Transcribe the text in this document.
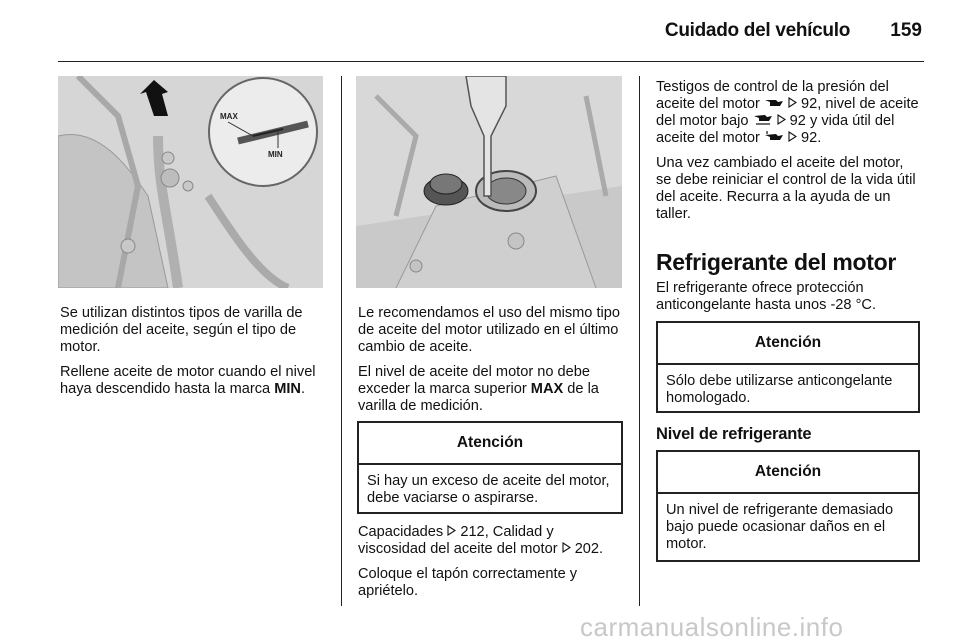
Cuidado del vehículo	159
MAX
MIN

Se utilizan distintos tipos de varilla de medición del aceite, según el tipo de motor.

Rellene aceite de motor cuando el nivel haya descendido hasta la marca MIN.

Le recomendamos el uso del mismo tipo de aceite del motor utilizado en el último cambio de aceite.

El nivel de aceite del motor no debe exceder la marca superior MAX de la varilla de medición.

Atención
Si hay un exceso de aceite del motor, debe vaciarse o aspirarse.

Capacidades 212, Calidad y viscosidad del aceite del motor 202.

Coloque el tapón correctamente y apriételo.

Testigos de control de la presión del aceite del motor	92, nivel de aceite del motor bajo	92 y vida útil del aceite del motor	92.

Una vez cambiado el aceite del motor, se debe reiniciar el control de la vida útil del aceite. Recurra a la ayuda de un taller.

Refrigerante del motor

El refrigerante ofrece protección anticongelante hasta unos -28 °C.

Atención
Sólo debe utilizarse anticongelante homologado.
Nivel de refrigerante
Atención
Un nivel de refrigerante demasiado bajo puede ocasionar daños en el motor.
carmanualsonline.info
